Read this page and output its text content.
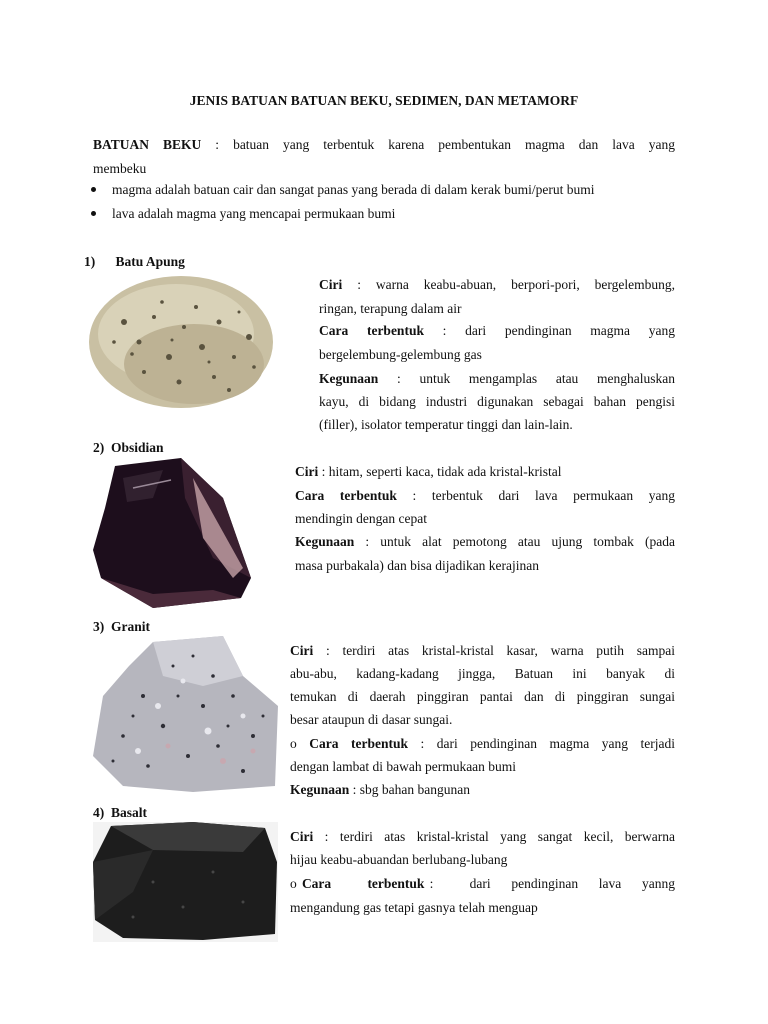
JENIS BATUAN BATUAN BEKU, SEDIMEN, DAN METAMORF
BATUAN BEKU : batuan yang terbentuk karena pembentukan magma dan lava yang
membeku
magma adalah batuan cair dan sangat panas yang berada di dalam kerak bumi/perut bumi
lava adalah magma yang mencapai permukaan bumi
1)      Batu Apung
Ciri : warna keabu-abuan, berpori-pori, bergelembung,
ringan, terapung dalam air
Cara terbentuk : dari pendinginan magma yang
bergelembung-gelembung gas
Kegunaan : untuk mengamplas atau menghaluskan
kayu, di bidang industri digunakan sebagai bahan pengisi
(filler), isolator temperatur tinggi dan lain-lain.
2)  Obsidian
Ciri : hitam, seperti kaca, tidak ada kristal-kristal
Cara terbentuk : terbentuk dari lava permukaan yang
mendingin dengan cepat
Kegunaan : untuk alat pemotong atau ujung tombak (pada
masa purbakala) dan bisa dijadikan kerajinan
3)  Granit
Ciri : terdiri atas kristal-kristal kasar, warna putih sampai
abu-abu, kadang-kadang jingga, Batuan ini banyak di
temukan di daerah pinggiran pantai dan di pinggiran sungai
besar ataupun di dasar sungai.
o Cara terbentuk : dari pendinginan magma yang terjadi
dengan lambat di bawah permukaan bumi
Kegunaan : sbg bahan bangunan
4)  Basalt
Ciri : terdiri atas kristal-kristal yang sangat kecil, berwarna
hijau keabu-abuandan berlubang-lubang
o Cara       terbentuk :       dari    pendinginan    lava    yanng
mengandung gas tetapi gasnya telah menguap
